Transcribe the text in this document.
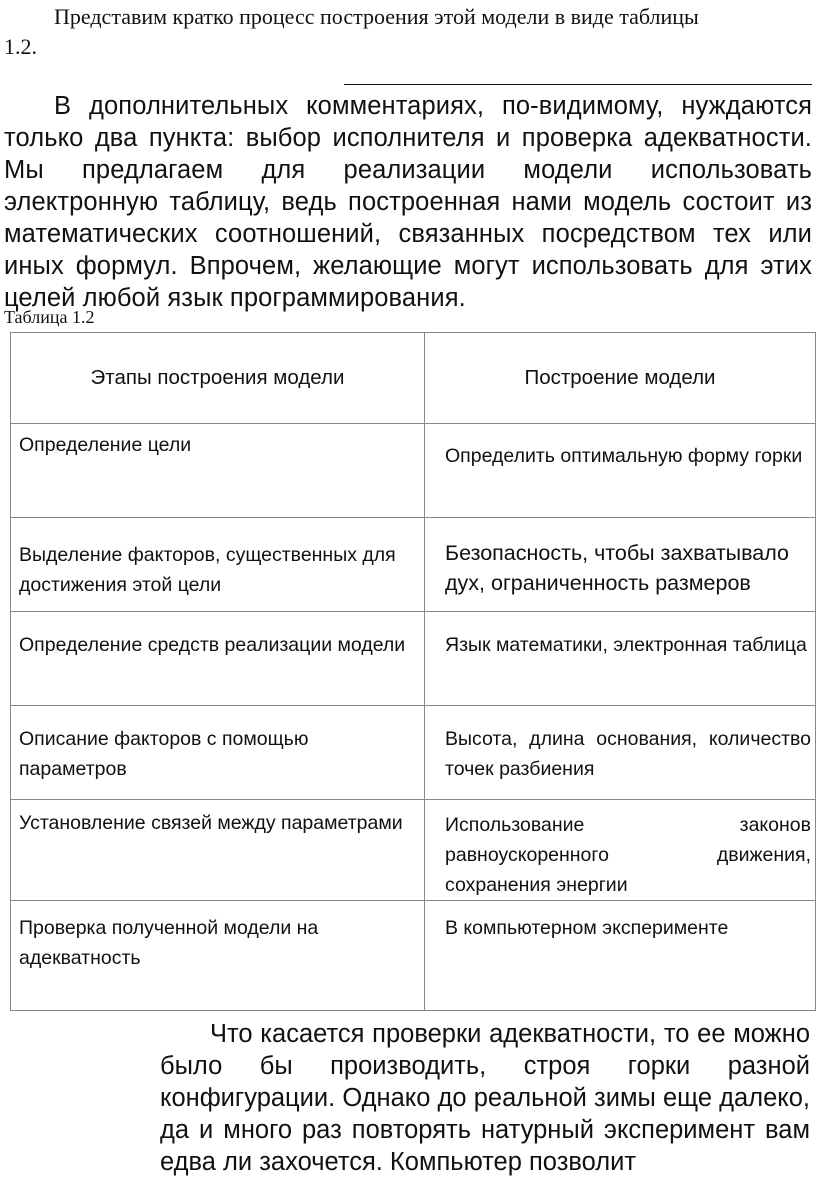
Представим кратко процесс построения этой модели в виде таблицы
1.2.
В дополнительных комментариях, по-видимому, нуждаются только два пункта: выбор исполнителя и проверка адекватности. Мы предлагаем для реализации модели использовать электронную таблицу, ведь построенная нами модель состоит из математических соотношений, связанных посредством тех или иных формул. Впрочем, желающие могут использовать для этих целей любой язык программирования.
Таблица 1.2
Этапы построения модели	Построение модели
Определение цели	Определить оптимальную форму горки
Выделение факторов, существенных для достижения этой цели	Безопасность, чтобы захватывало дух, ограниченность размеров
Определение средств реализации модели	Язык математики, электронная таблица
Описание факторов с помощью параметров	Высота, длина основания, количество точек разбиения
Установление связей между параметрами	Использование законов равноускоренного движения, сохранения энергии
Проверка полученной модели на адекватность	В компьютерном эксперименте
Что касается проверки адекватности, то ее можно было бы производить, строя горки разной конфигурации. Однако до реальной зимы еще далеко, да и много раз повторять натурный эксперимент вам едва ли захочется. Компьютер позволит
